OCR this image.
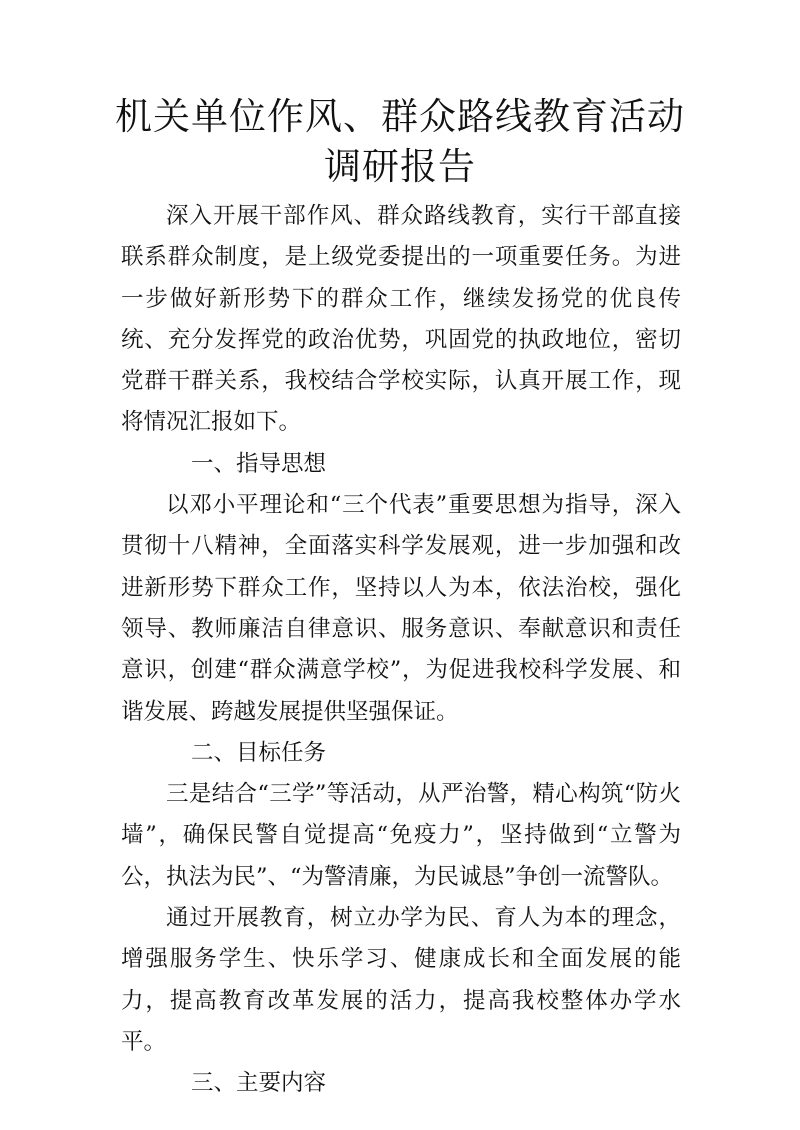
机关单位作风、群众路线教育活动调研报告

深入开展干部作风、群众路线教育，实行干部直接联系群众制度，是上级党委提出的一项重要任务。为进一步做好新形势下的群众工作，继续发扬党的优良传统、充分发挥党的政治优势，巩固党的执政地位，密切党群干群关系，我校结合学校实际，认真开展工作，现将情况汇报如下。

一、指导思想

以邓小平理论和“三个代表”重要思想为指导，深入贯彻十八精神，全面落实科学发展观，进一步加强和改进新形势下群众工作，坚持以人为本，依法治校，强化领导、教师廉洁自律意识、服务意识、奉献意识和责任意识，创建“群众满意学校”，为促进我校科学发展、和谐发展、跨越发展提供坚强保证。

二、目标任务

三是结合“三学”等活动，从严治警，精心构筑“防火墙”，确保民警自觉提高“免疫力”，坚持做到“立警为公，执法为民”、“为警清廉，为民诚恳”争创一流警队。

通过开展教育，树立办学为民、育人为本的理念，增强服务学生、快乐学习、健康成长和全面发展的能力，提高教育改革发展的活力，提高我校整体办学水平。

三、主要内容
